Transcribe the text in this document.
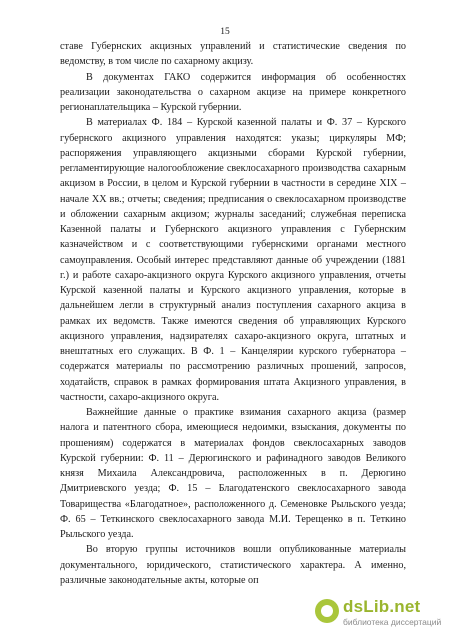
15

ставе Губернских акцизных управлений и статистические сведения по ведомству, в том числе по сахарному акцизу.

В документах ГАКО содержится информация об особенностях реализации законодательства о сахарном акцизе на примере конкретного регионаплательщика – Курской губернии.

В материалах Ф. 184 – Курской казенной палаты и Ф. 37 – Курского губернского акцизного управления находятся: указы; циркуляры МФ; распоряжения управляющего акцизными сборами Курской губернии, регламентирующие налогообложение свеклосахарного производства сахарным акцизом в России, в целом и Курской губернии в частности в середине XIX – начале XX вв.; отчеты; сведения; предписания о свеклосахарном производстве и обложении сахарным акцизом; журналы заседаний; служебная переписка Казенной палаты и Губернского акцизного управления с Губернским казначейством и с соответствующими губернскими органами местного самоуправления. Особый интерес представляют данные об учреждении (1881 г.) и работе сахаро-акцизного округа Курского акцизного управления, отчеты Курской казенной палаты и Курского акцизного управления, которые в дальнейшем легли в структурный анализ поступления сахарного акциза в рамках их ведомств. Также имеются сведения об управляющих Курского акцизного управления, надзирателях сахаро-акцизного округа, штатных и внештатных его служащих. В Ф. 1 – Канцелярии курского губернатора – содержатся материалы по рассмотрению различных прошений, запросов, ходатайств, справок в рамках формирования штата Акцизного управления, в частности, сахаро-акцизного округа.

Важнейшие данные о практике взимания сахарного акциза (размер налога и патентного сбора, имеющиеся недоимки, взыскания, документы по прошениям) содержатся в материалах фондов свеклосахарных заводов Курской губернии: Ф. 11 – Дерюгинского и рафинадного заводов Великого князя Михаила Александровича, расположенных в п. Дерюгино Дмитриевского уезда; Ф. 15 – Благодатенского свеклосахарного завода Товарищества «Благодатное», расположенного д. Семеновке Рыльского уезда; Ф. 65 – Теткинского свеклосахарного завода М.И. Терещенко в п. Теткино Рыльского уезда.

Во вторую группы источников вошли опубликованные материалы документального, юридического, статистического характера. А именно, различные законодательные акты, которые оп

dsLib.net
библиотека диссертаций
